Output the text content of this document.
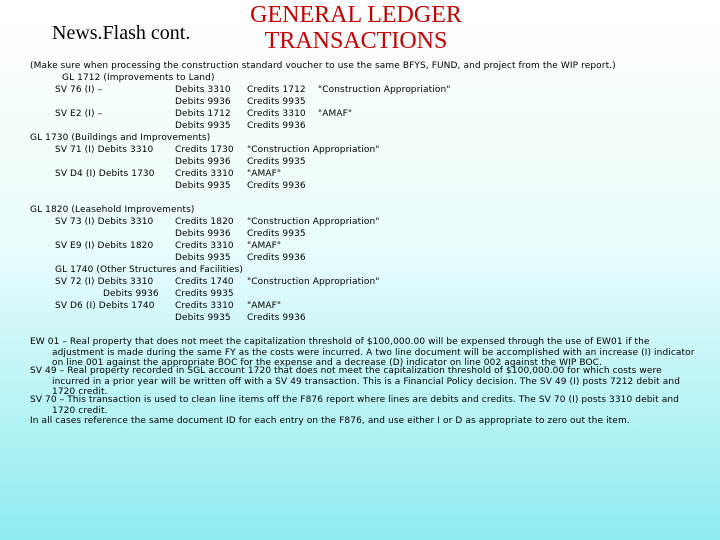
News.Flash cont.
GENERAL LEDGER
TRANSACTIONS
(Make sure when processing the construction standard voucher to use the same BFYS, FUND, and project from the WIP report.)
GL 1712 (Improvements to Land)
SV 76 (I) –	Debits 3310 Credits 1712 "Construction Appropriation"
Debits 9936 Credits 9935
SV E2 (I) –	Debits 1712 Credits 3310 "AMAF"
Debits 9935 Credits 9936
GL 1730 (Buildings and Improvements)
SV 71 (I) Debits 3310 Credits 1730 "Construction Appropriation"
Debits 9936 Credits 9935
SV D4 (I) Debits 1730 Credits 3310 "AMAF"
Debits 9935 Credits 9936
GL 1820 (Leasehold Improvements)
SV 73 (I) Debits 3310 Credits 1820 "Construction Appropriation"
Debits 9936 Credits 9935
SV E9 (I) Debits 1820 Credits 3310 "AMAF"
Debits 9935 Credits 9936
GL 1740 (Other Structures and Facilities)
SV 72 (I) Debits 3310 Credits 1740 "Construction Appropriation"
Debits 9936 Credits 9935
SV D6 (I) Debits 1740 Credits 3310 "AMAF"
Debits 9935 Credits 9936
EW 01 – Real property that does not meet the capitalization threshold of $100,000.00 will be expensed through the use of EW01 if the
adjustment is made during the same FY as the costs were incurred. A two line document will be accomplished with an increase (I) indicator on line 001 against the appropriate BOC for the expense and a decrease (D) indicator on line 002 against the WIP BOC.
SV 49 – Real property recorded in SGL account 1720 that does not meet the capitalization threshold of $100,000.00 for which costs were
incurred in a prior year will be written off with a SV 49 transaction. This is a Financial Policy decision. The SV 49 (I) posts 7212 debit and 1720 credit.
SV 70 – This transaction is used to clean line items off the F876 report where lines are debits and credits. The SV 70 (I) posts 3310 debit and
1720 credit.
In all cases reference the same document ID for each entry on the F876, and use either I or D as appropriate to zero out the item.
